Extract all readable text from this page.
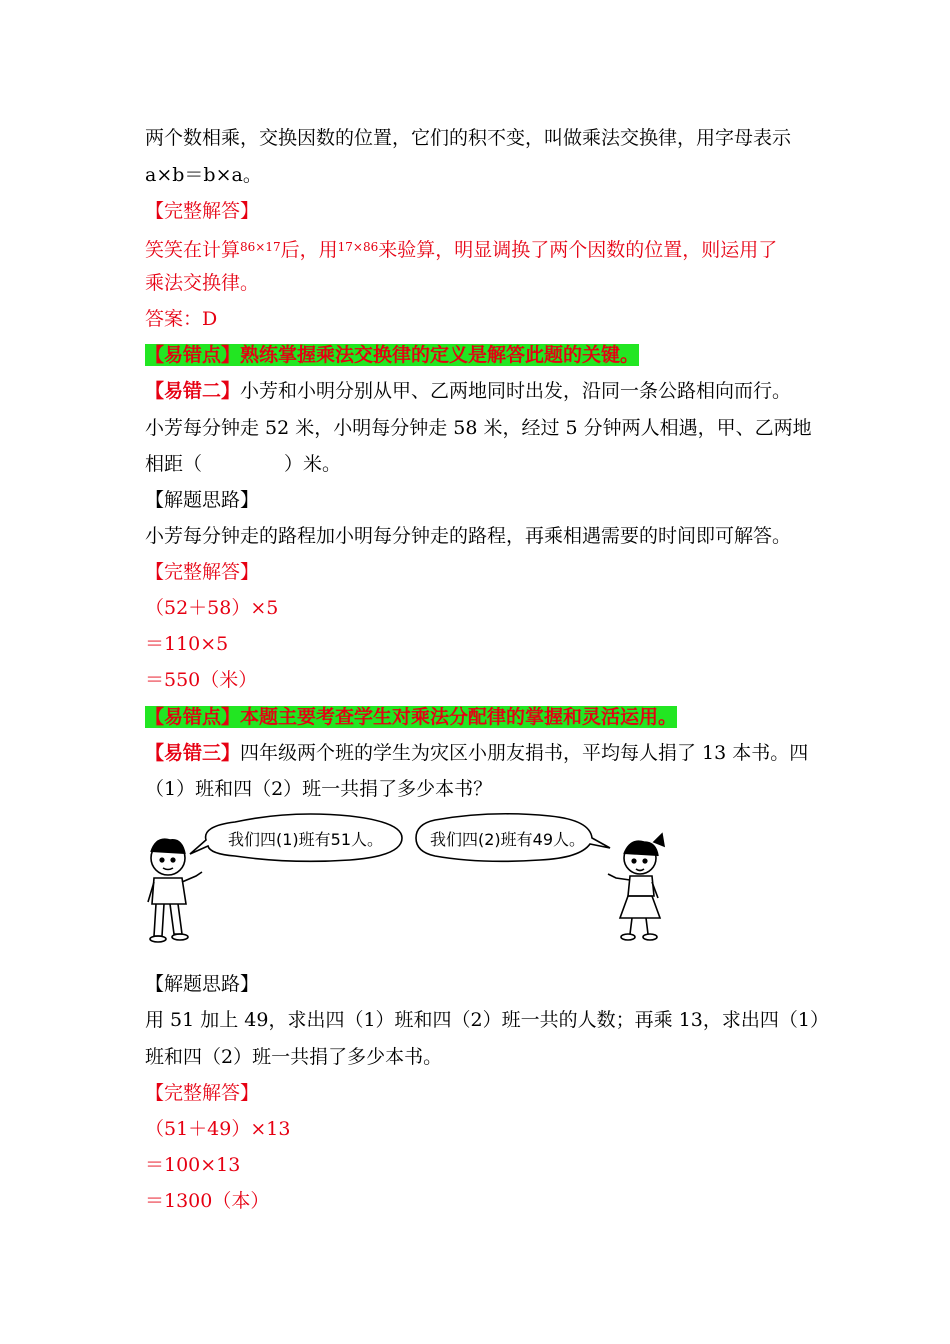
两个数相乘，交换因数的位置，它们的积不变，叫做乘法交换律，用字母表示
a×b＝b×a。
【完整解答】
笑笑在计算$^{86\times 17}$后，用$^{17\times 86}$来验算，明显调换了两个因数的位置，则运用了
乘法交换律。
答案：D
【易错点】熟练掌握乘法交换律的定义是解答此题的关键。
【易错二】小芳和小明分别从甲、乙两地同时出发，沿同一条公路相向而行。
小芳每分钟走 52 米，小明每分钟走 58 米，经过 5 分钟两人相遇，甲、乙两地
相距（	）米。
【解题思路】
小芳每分钟走的路程加小明每分钟走的路程，再乘相遇需要的时间即可解答。
【完整解答】
（52＋58）×5
＝110×5
＝550（米）
【易错点】本题主要考查学生对乘法分配律的掌握和灵活运用。
【易错三】四年级两个班的学生为灾区小朋友捐书，平均每人捐了 13 本书。四
（1）班和四（2）班一共捐了多少本书？
我们四(1)班有51人。	我们四(2)班有49人。
【解题思路】
用 51 加上 49，求出四（1）班和四（2）班一共的人数；再乘 13，求出四（1）
班和四（2）班一共捐了多少本书。
【完整解答】
（51＋49）×13
＝100×13
＝1300（本）
